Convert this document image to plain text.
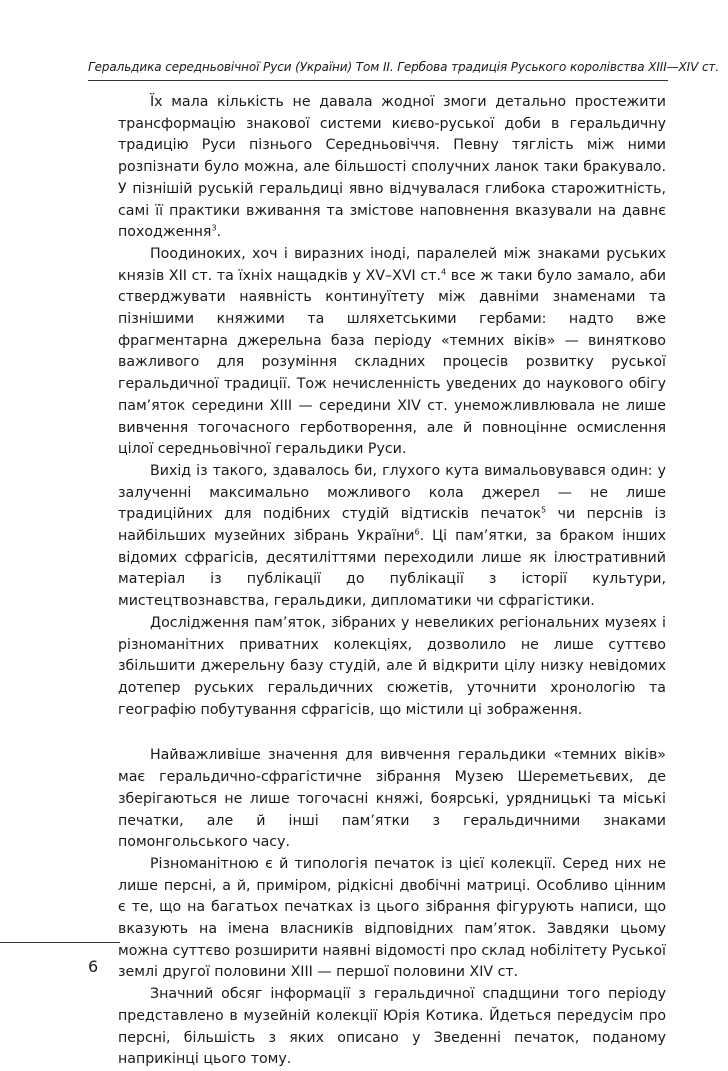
Геральдика середньовічної Руси (України) Том ІІ. Гербова традиція Руського королівства XIII—XIV ст.

Їх мала кількість не давала жодної змоги детально простежити трансформацію знакової системи києво-руської доби в геральдичну традицію Руси пізнього Середньовіччя. Певну тяглість між ними розпізнати було можна, але більшості сполучних ланок таки бракувало. У пізнішій руській геральдиці явно відчувалася глибока старожитність, самі її практики вживання та змістове наповнення вказували на давнє походження$^3$.

Поодиноких, хоч і виразних іноді, паралелей між знаками руських князів XII ст. та їхніх нащадків у XV–XVI ст.$^4$ все ж таки було замало, аби стверджувати наявність континуїтету між давніми знаменами та пізнішими княжими та шляхетськими гербами: надто вже фрагментарна джерельна база періоду «темних віків» — винятково важливого для розуміння складних процесів розвитку руської геральдичної традиції. Тож нечисленність уведених до наукового обігу пам’яток середини XIII — середини XIV ст. унеможливлювала не лише вивчення тогочасного герботворення, але й повноцінне осмислення цілої середньовічної геральдики Руси.

Вихід із такого, здавалось би, глухого кута вимальовувався один: у залученні максимально можливого кола джерел — не лише традиційних для подібних студій відтисків печаток$^5$ чи перснів із найбільших музейних зібрань України$^6$. Ці пам’ятки, за браком інших відомих сфрагісів, десятиліттями переходили лише як ілюстративний матеріал із публікації до публікації з історії культури, мистецтвознавства, геральдики, дипломатики чи сфрагістики.

Дослідження пам’яток, зібраних у невеликих регіональних музеях і різноманітних приватних колекціях, дозволило не лише суттєво збільшити джерельну базу студій, але й відкрити цілу низку невідомих дотепер руських геральдичних сюжетів, уточнити хронологію та географію побутування сфрагісів, що містили ці зображення.

Найважливіше значення для вивчення геральдики «темних віків» має геральдично-сфрагістичне зібрання Музею Шереметьєвих, де зберігаються не лише тогочасні княжі, боярські, урядницькі та міські печатки, але й інші пам’ятки з геральдичними знаками помонгольського часу.

Різноманітною є й типологія печаток із цієї колекції. Серед них не лише персні, а й, приміром, рідкісні двобічні матриці. Особливо цінним є те, що на багатьох печатках із цього зібрання фігурують написи, що вказують на імена власників відповідних пам’яток. Завдяки цьому можна суттєво розширити наявні відомості про склад нобілітету Руської землі другої половини XIII — першої половини XIV ст.

Значний обсяг інформації з геральдичної спадщини того періоду представлено в музейній колекції Юрія Котика. Йдеться передусім про персні, більшість з яких описано у Зведенні печаток, поданому наприкінці цього тому.

6
